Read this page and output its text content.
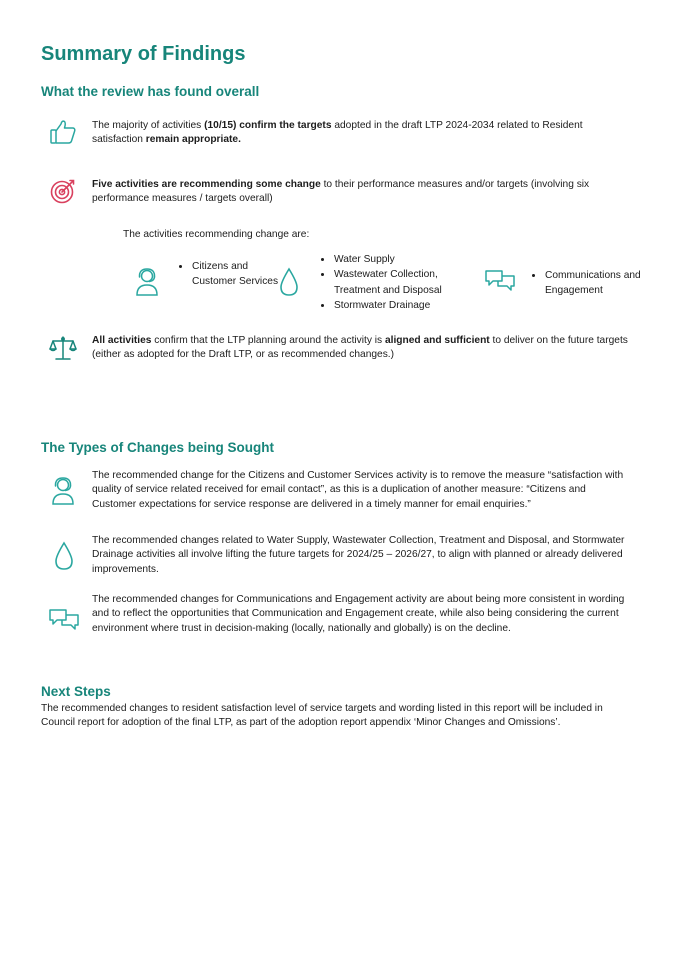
Summary of Findings
What the review has found overall
The majority of activities (10/15) confirm the targets adopted in the draft LTP 2024-2034 related to Resident satisfaction remain appropriate.
Five activities are recommending some change to their performance measures and/or targets (involving six performance measures / targets overall)
The activities recommending change are:
• Citizens and Customer Services
• Water Supply
• Wastewater Collection, Treatment and Disposal
• Stormwater Drainage
• Communications and Engagement
All activities confirm that the LTP planning around the activity is aligned and sufficient to deliver on the future targets (either as adopted for the Draft LTP, or as recommended changes.)
The Types of Changes being Sought
The recommended change for the Citizens and Customer Services activity is to remove the measure “satisfaction with quality of service related received for email contact”, as this is a duplication of another measure: “Citizens and Customer expectations for service response are delivered in a timely manner for email enquiries.”
The recommended changes related to Water Supply, Wastewater Collection, Treatment and Disposal, and Stormwater Drainage activities all involve lifting the future targets for 2024/25 – 2026/27, to align with planned or already delivered improvements.
The recommended changes for Communications and Engagement activity are about being more consistent in wording and to reflect the opportunities that Communication and Engagement create, while also being considering the current environment where trust in decision-making (locally, nationally and globally) is on the decline.
Next Steps
The recommended changes to resident satisfaction level of service targets and wording listed in this report will be included in Council report for adoption of the final LTP, as part of the adoption report appendix ‘Minor Changes and Omissions’.
